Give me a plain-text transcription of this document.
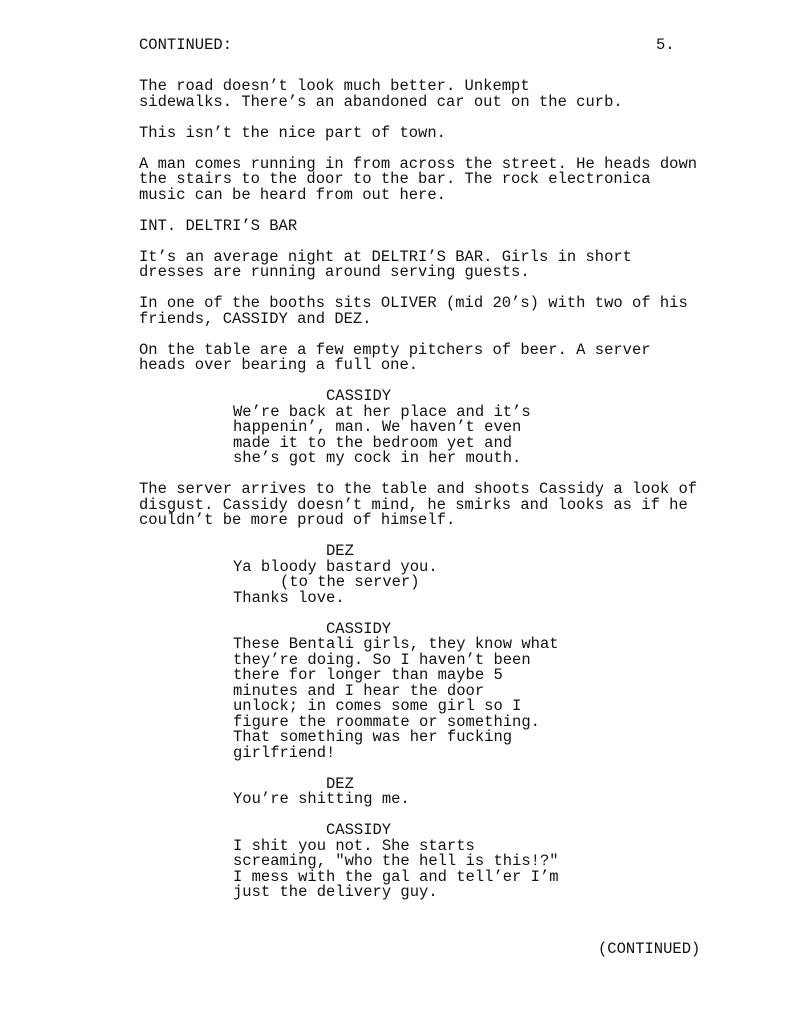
CONTINUED:	5.
The road doesn’t look much better. Unkempt
sidewalks. There’s an abandoned car out on the curb.
This isn’t the nice part of town.
A man comes running in from across the street. He heads down
the stairs to the door to the bar. The rock electronica
music can be heard from out here.
INT. DELTRI’S BAR
It’s an average night at DELTRI’S BAR. Girls in short
dresses are running around serving guests.
In one of the booths sits OLIVER (mid 20’s) with two of his
friends, CASSIDY and DEZ.
On the table are a few empty pitchers of beer. A server
heads over bearing a full one.
CASSIDY
We’re back at her place and it’s
happenin’, man. We haven’t even
made it to the bedroom yet and
she’s got my cock in her mouth.
The server arrives to the table and shoots Cassidy a look of
disgust. Cassidy doesn’t mind, he smirks and looks as if he
couldn’t be more proud of himself.
DEZ
Ya bloody bastard you.
(to the server)
Thanks love.
CASSIDY
These Bentali girls, they know what
they’re doing. So I haven’t been
there for longer than maybe 5
minutes and I hear the door
unlock; in comes some girl so I
figure the roommate or something.
That something was her fucking
girlfriend!
DEZ
You’re shitting me.
CASSIDY
I shit you not. She starts
screaming, "who the hell is this!?"
I mess with the gal and tell’er I’m
just the delivery guy.
(CONTINUED)
